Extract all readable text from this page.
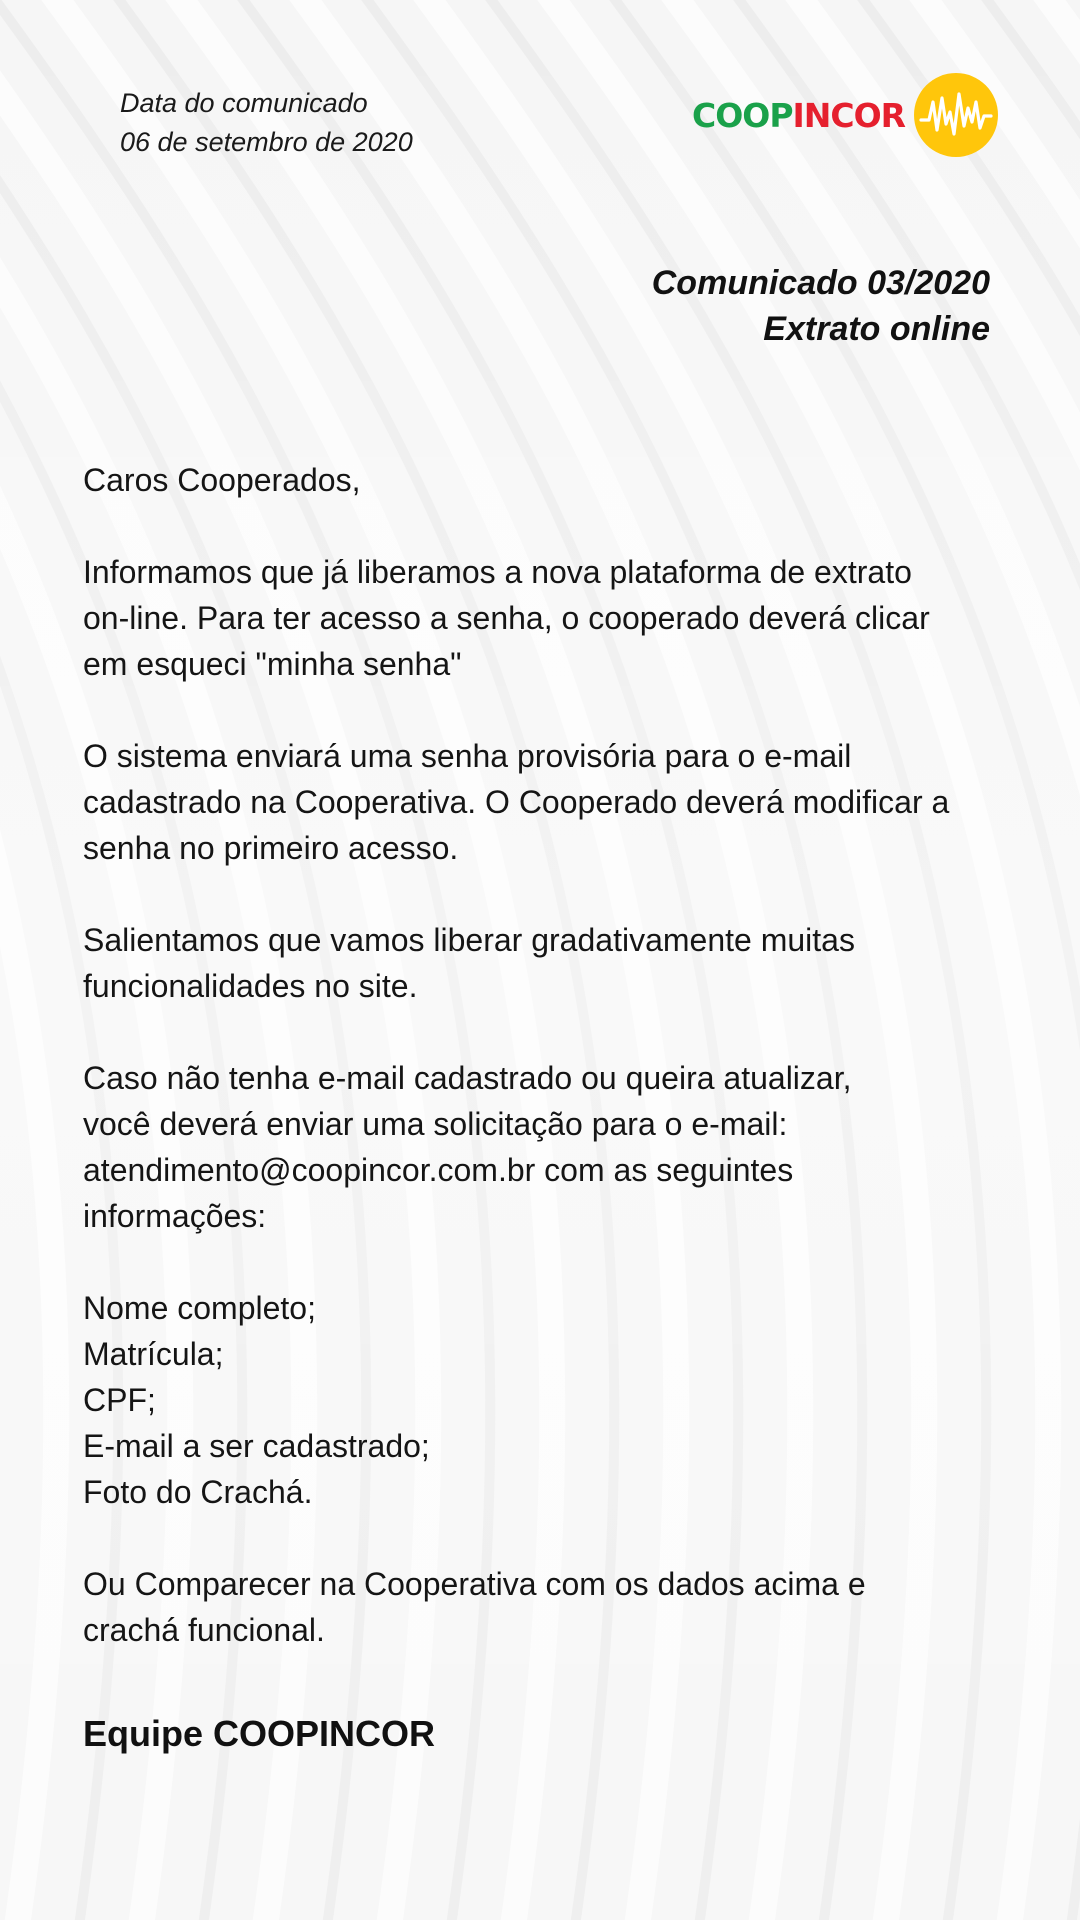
Data do comunicado
06 de setembro de 2020
COOPINCOR
Comunicado 03/2020
Extrato online

Caros Cooperados,

Informamos que já liberamos a nova plataforma de extrato

on-line. Para ter acesso a senha, o cooperado deverá clicar

em esqueci "minha senha"

O sistema enviará uma senha provisória para o e-mail

cadastrado na Cooperativa. O Cooperado deverá modificar a

senha no primeiro acesso.

Salientamos que vamos liberar gradativamente muitas

funcionalidades no site.

Caso não tenha e-mail cadastrado ou queira atualizar,

você deverá enviar uma solicitação para o e-mail:

atendimento@coopincor.com.br com as seguintes

informações:

Nome completo;

Matrícula;

CPF;

E-mail a ser cadastrado;

Foto do Crachá.

Ou Comparecer na Cooperativa com os dados acima e

crachá funcional.

Equipe COOPINCOR
